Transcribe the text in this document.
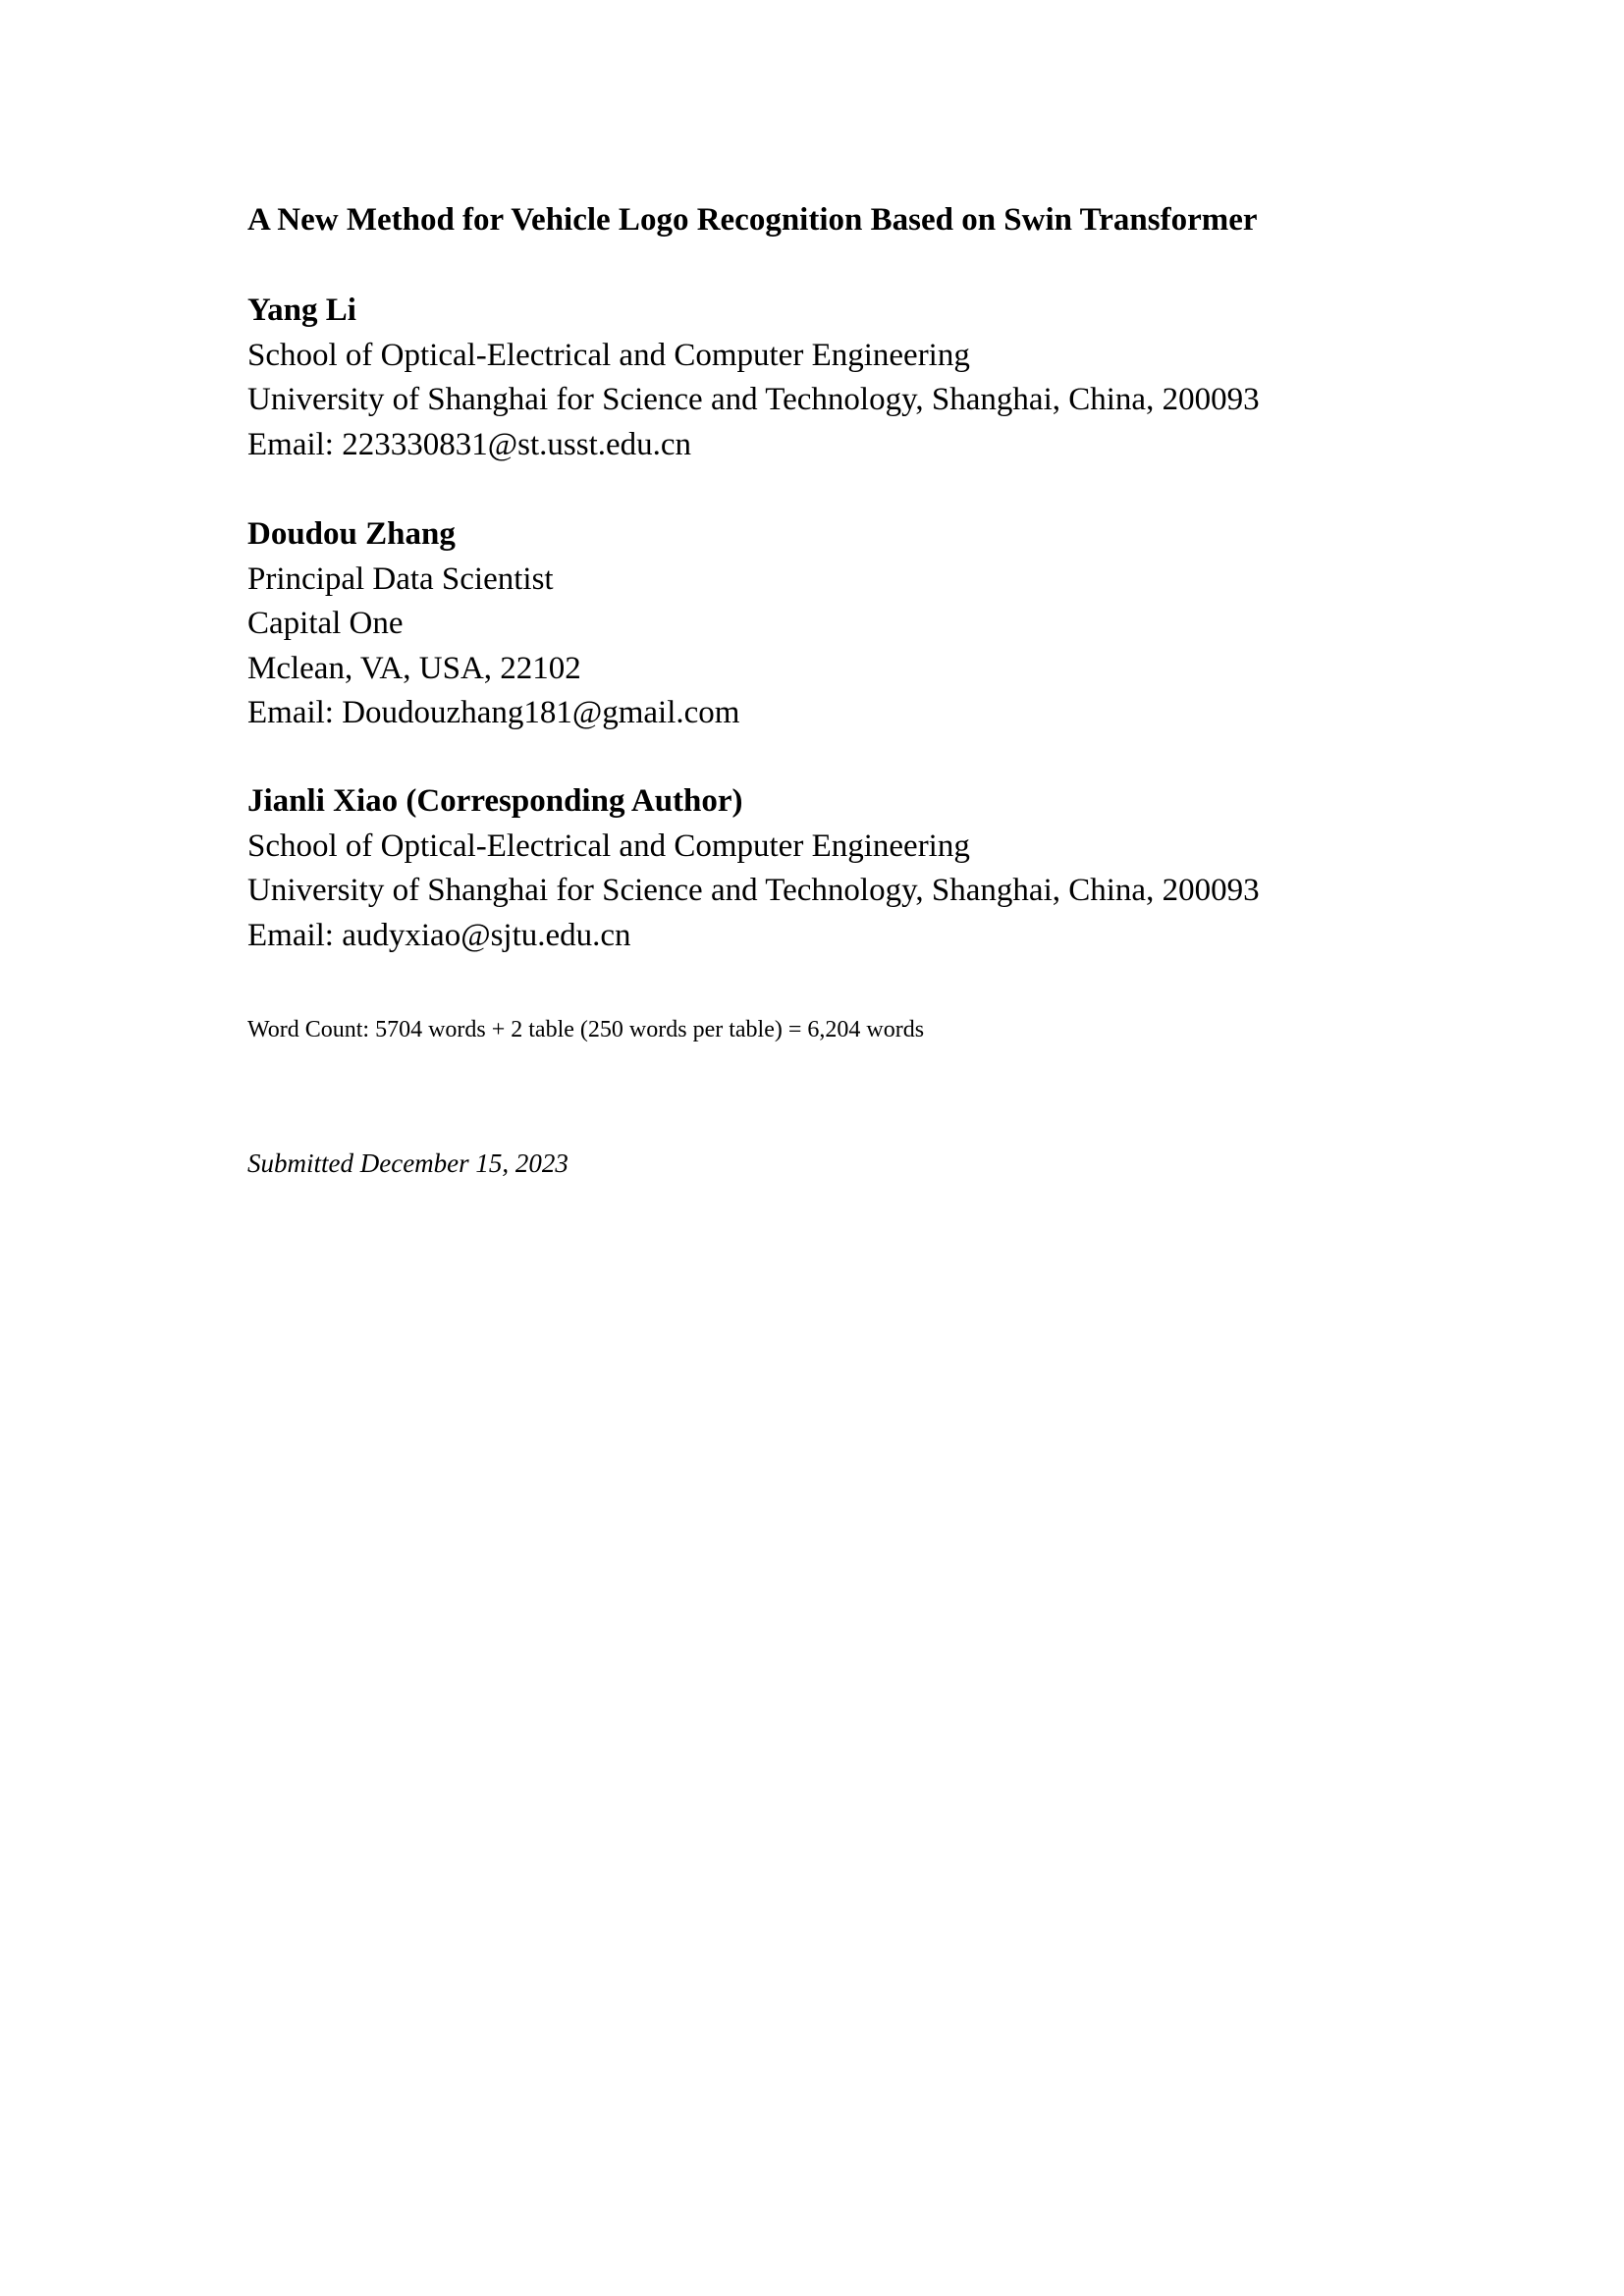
A New Method for Vehicle Logo Recognition Based on Swin Transformer
Yang Li
School of Optical-Electrical and Computer Engineering
University of Shanghai for Science and Technology, Shanghai, China, 200093
Email: 223330831@st.usst.edu.cn
Doudou Zhang
Principal Data Scientist
Capital One
Mclean, VA, USA, 22102
Email: Doudouzhang181@gmail.com
Jianli Xiao (Corresponding Author)
School of Optical-Electrical and Computer Engineering
University of Shanghai for Science and Technology, Shanghai, China, 200093
Email: audyxiao@sjtu.edu.cn
Word Count: 5704 words + 2 table (250 words per table) = 6,204 words
Submitted December 15, 2023
